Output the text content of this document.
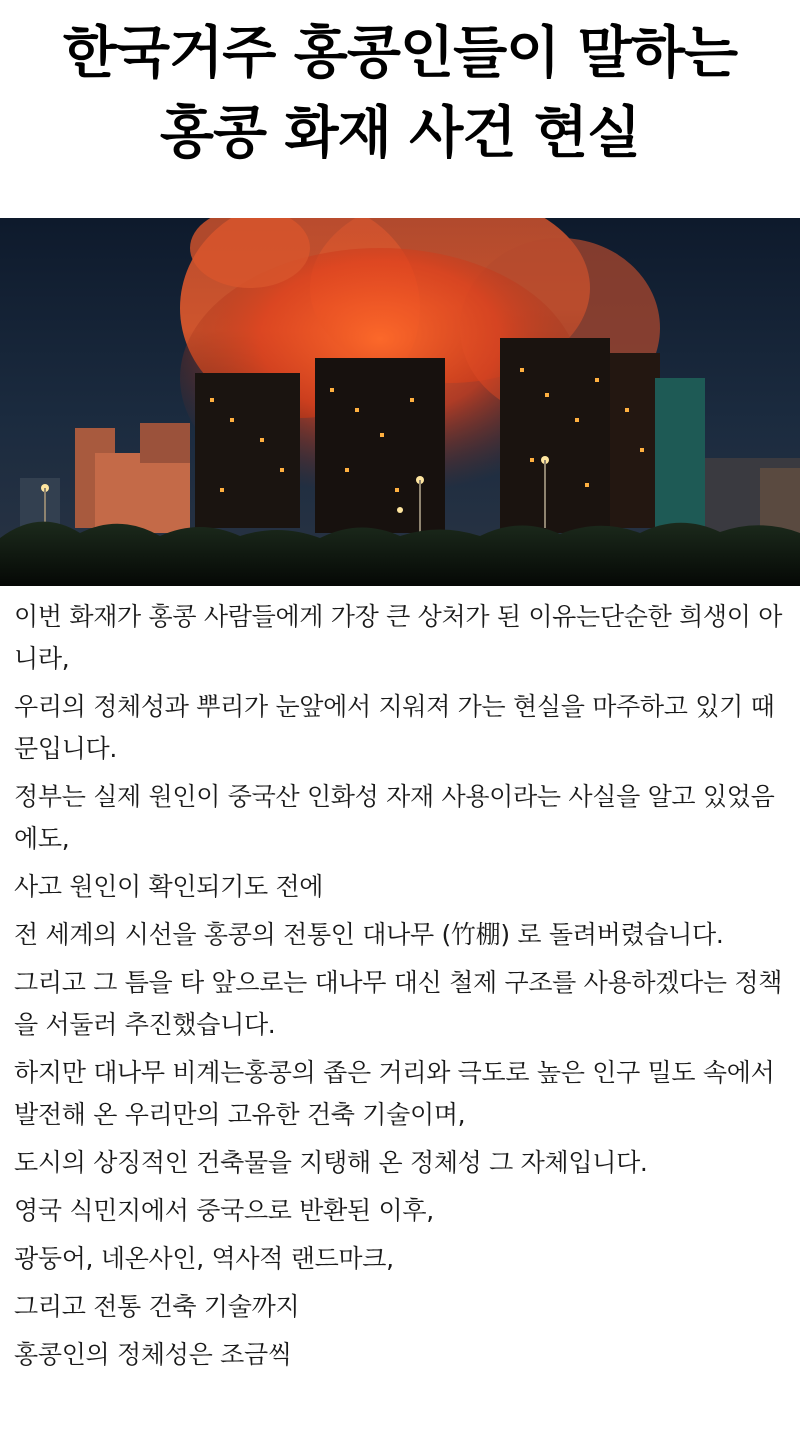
한국거주 홍콩인들이 말하는
홍콩 화재 사건 현실

이번 화재가 홍콩 사람들에게 가장 큰 상처가 된 이유는단순한 희생이 아니라,

우리의 정체성과 뿌리가 눈앞에서 지워져 가는 현실을 마주하고 있기 때문입니다.

정부는 실제 원인이 중국산 인화성 자재 사용이라는 사실을 알고 있었음에도,

사고 원인이 확인되기도 전에

전 세계의 시선을 홍콩의 전통인 대나무 (竹棚) 로 돌려버렸습니다.

그리고 그 틈을 타 앞으로는 대나무 대신 철제 구조를 사용하겠다는 정책을 서둘러 추진했습니다.

하지만 대나무 비계는홍콩의 좁은 거리와 극도로 높은 인구 밀도 속에서 발전해 온 우리만의 고유한 건축 기술이며,

도시의 상징적인 건축물을 지탱해 온 정체성 그 자체입니다.

영국 식민지에서 중국으로 반환된 이후,

광둥어, 네온사인, 역사적 랜드마크,

그리고 전통 건축 기술까지

홍콩인의 정체성은 조금씩
